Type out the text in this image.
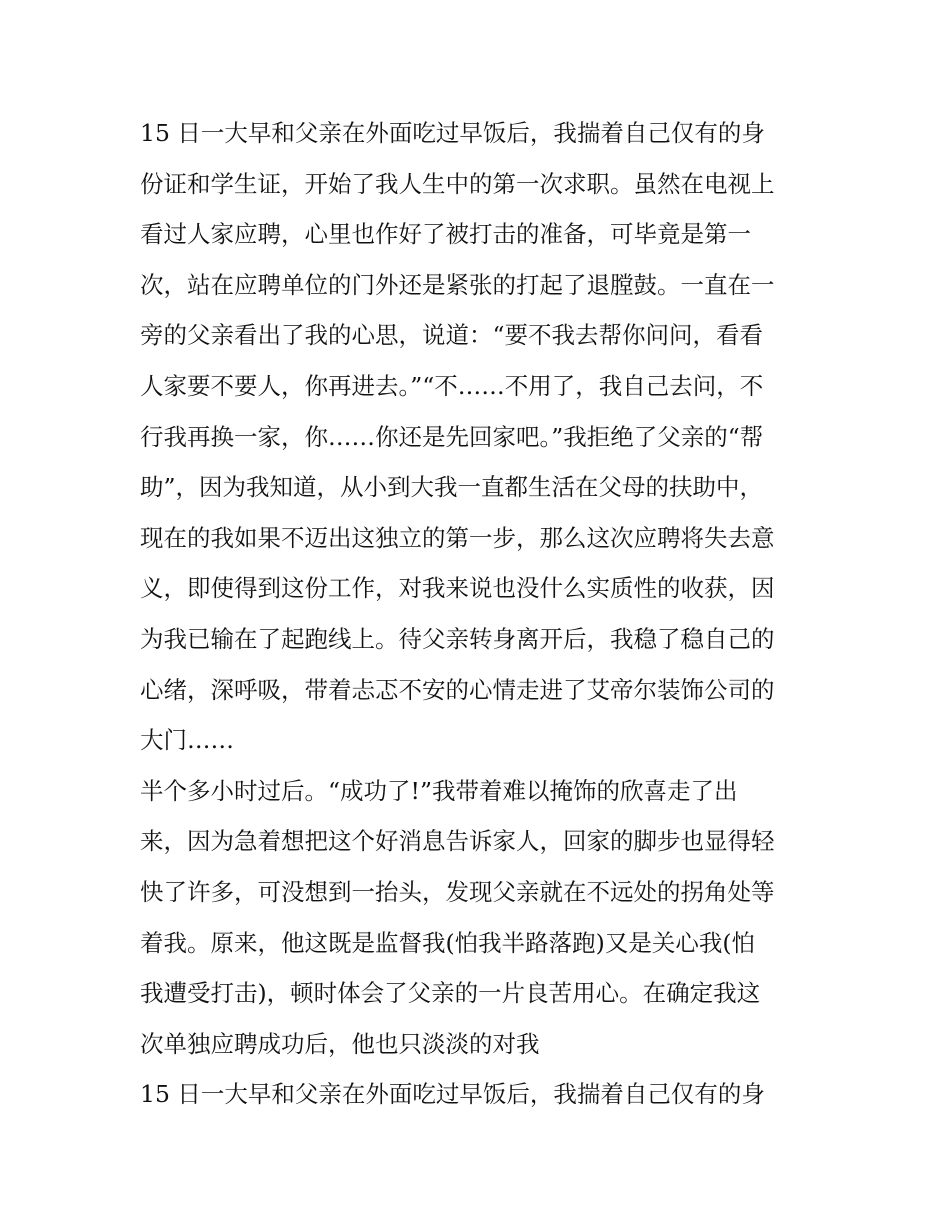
15 日一大早和父亲在外面吃过早饭后，我揣着自己仅有的身
份证和学生证，开始了我人生中的第一次求职。虽然在电视上
看过人家应聘，心里也作好了被打击的准备，可毕竟是第一
次，站在应聘单位的门外还是紧张的打起了退膛鼓。一直在一
旁的父亲看出了我的心思，说道：“要不我去帮你问问，看看
人家要不要人，你再进去。”“不……不用了，我自己去问，不
行我再换一家，你……你还是先回家吧。”我拒绝了父亲的“帮
助”，因为我知道，从小到大我一直都生活在父母的扶助中，
现在的我如果不迈出这独立的第一步，那么这次应聘将失去意
义，即使得到这份工作，对我来说也没什么实质性的收获，因
为我已输在了起跑线上。待父亲转身离开后，我稳了稳自己的
心绪，深呼吸，带着忐忑不安的心情走进了艾帝尔装饰公司的
大门……
半个多小时过后。“成功了!”我带着难以掩饰的欣喜走了出
来，因为急着想把这个好消息告诉家人，回家的脚步也显得轻
快了许多，可没想到一抬头，发现父亲就在不远处的拐角处等
着我。原来，他这既是监督我(怕我半路落跑)又是关心我(怕
我遭受打击)，顿时体会了父亲的一片良苦用心。在确定我这
次单独应聘成功后，他也只淡淡的对我
15 日一大早和父亲在外面吃过早饭后，我揣着自己仅有的身
